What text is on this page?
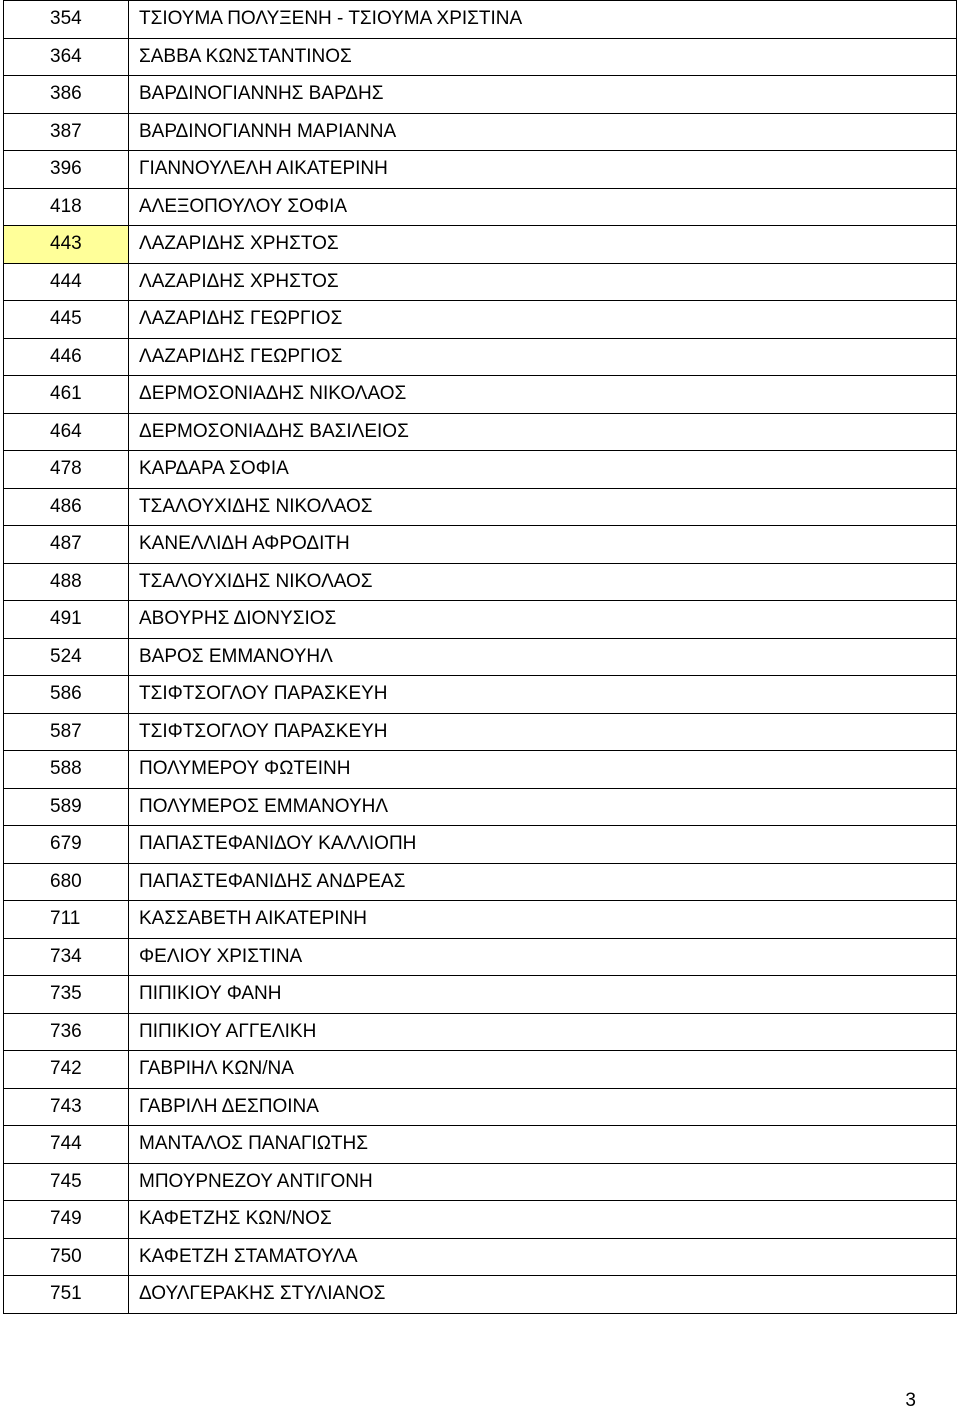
354	ΤΣΙΟΥΜΑ ΠΟΛΥΞΕΝΗ - ΤΣΙΟΥΜΑ ΧΡΙΣΤΙΝΑ
364	ΣΑΒΒΑ ΚΩΝΣΤΑΝΤΙΝΟΣ
386	ΒΑΡΔΙΝΟΓΙΑΝΝΗΣ ΒΑΡΔΗΣ
387	ΒΑΡΔΙΝΟΓΙΑΝΝΗ ΜΑΡΙΑΝΝΑ
396	ΓΙΑΝΝΟΥΛΕΛΗ ΑΙΚΑΤΕΡΙΝΗ
418	ΑΛΕΞΟΠΟΥΛΟΥ ΣΟΦΙΑ
443	ΛΑΖΑΡΙΔΗΣ ΧΡΗΣΤΟΣ
444	ΛΑΖΑΡΙΔΗΣ ΧΡΗΣΤΟΣ
445	ΛΑΖΑΡΙΔΗΣ ΓΕΩΡΓΙΟΣ
446	ΛΑΖΑΡΙΔΗΣ ΓΕΩΡΓΙΟΣ
461	ΔΕΡΜΟΣΟΝΙΑΔΗΣ ΝΙΚΟΛΑΟΣ
464	ΔΕΡΜΟΣΟΝΙΑΔΗΣ ΒΑΣΙΛΕΙΟΣ
478	ΚΑΡΔΑΡΑ ΣΟΦΙΑ
486	ΤΣΑΛΟΥΧΙΔΗΣ ΝΙΚΟΛΑΟΣ
487	ΚΑΝΕΛΛΙΔΗ ΑΦΡΟΔΙΤΗ
488	ΤΣΑΛΟΥΧΙΔΗΣ ΝΙΚΟΛΑΟΣ
491	ΑΒΟΥΡΗΣ ΔΙΟΝΥΣΙΟΣ
524	ΒΑΡΟΣ ΕΜΜΑΝΟΥΗΛ
586	ΤΣΙΦΤΣΟΓΛΟΥ ΠΑΡΑΣΚΕΥΗ
587	ΤΣΙΦΤΣΟΓΛΟΥ ΠΑΡΑΣΚΕΥΗ
588	ΠΟΛΥΜΕΡΟΥ ΦΩΤΕΙΝΗ
589	ΠΟΛΥΜΕΡΟΣ ΕΜΜΑΝΟΥΗΛ
679	ΠΑΠΑΣΤΕΦΑΝΙΔΟΥ ΚΑΛΛΙΟΠΗ
680	ΠΑΠΑΣΤΕΦΑΝΙΔΗΣ ΑΝΔΡΕΑΣ
711	ΚΑΣΣΑΒΕΤΗ ΑΙΚΑΤΕΡΙΝΗ
734	ΦΕΛΙΟΥ ΧΡΙΣΤΙΝΑ
735	ΠΙΠΙΚΙΟΥ ΦΑΝΗ
736	ΠΙΠΙΚΙΟΥ ΑΓΓΕΛΙΚΗ
742	ΓΑΒΡΙΗΛ ΚΩΝ/ΝΑ
743	ΓΑΒΡΙΛΗ ΔΕΣΠΟΙΝΑ
744	ΜΑΝΤΑΛΟΣ ΠΑΝΑΓΙΩΤΗΣ
745	ΜΠΟΥΡΝΕΖΟΥ ΑΝΤΙΓΟΝΗ
749	ΚΑΦΕΤΖΗΣ ΚΩΝ/ΝΟΣ
750	ΚΑΦΕΤΖΗ ΣΤΑΜΑΤΟΥΛΑ
751	ΔΟΥΛΓΕΡΑΚΗΣ ΣΤΥΛΙΑΝΟΣ
3
